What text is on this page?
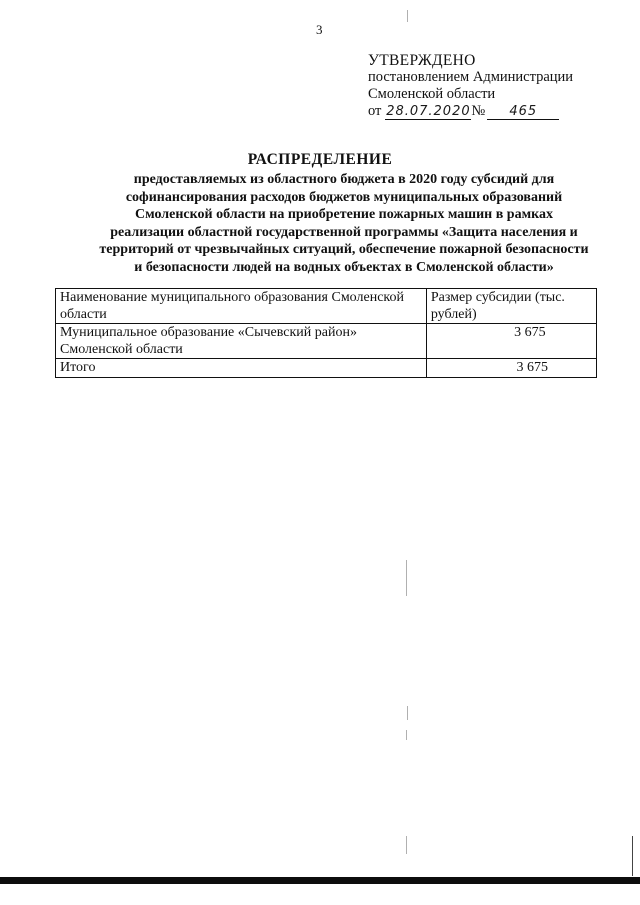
3
УТВЕРЖДЕНО
постановлением Администрации
Смоленской области
от 28.07.2020 №	465
РАСПРЕДЕЛЕНИЕ
предоставляемых из областного бюджета в 2020 году субсидий для
софинансирования расходов бюджетов муниципальных образований
Смоленской области на приобретение пожарных машин в рамках
реализации областной государственной программы «Защита населения и
территорий от чрезвычайных ситуаций, обеспечение пожарной безопасности
и безопасности людей на водных объектах в Смоленской области»
Наименование муниципального образования Смоленской области	Размер субсидии (тыс. рублей)
Муниципальное образование «Сычевский район» Смоленской области	3 675
Итого	3 675
